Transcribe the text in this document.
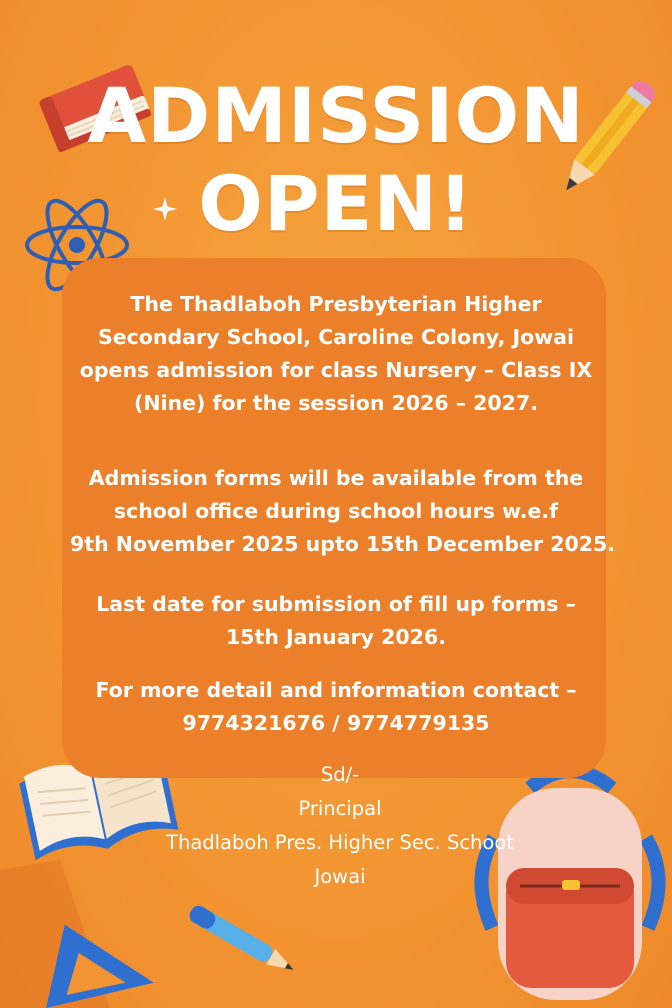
ADMISSION
OPEN!
The Thadlaboh Presbyterian Higher
Secondary School, Caroline Colony, Jowai
opens admission for class Nursery – Class IX
(Nine) for the session 2026 – 2027.
Admission forms will be available from the
school office during school hours w.e.f
9th November 2025 upto 15th December 2025.
Last date for submission of fill up forms –
15th January 2026.
For more detail and information contact –
9774321676 / 9774779135
Sd/-
Principal
Thadlaboh Pres. Higher Sec. Schoot
Jowai
